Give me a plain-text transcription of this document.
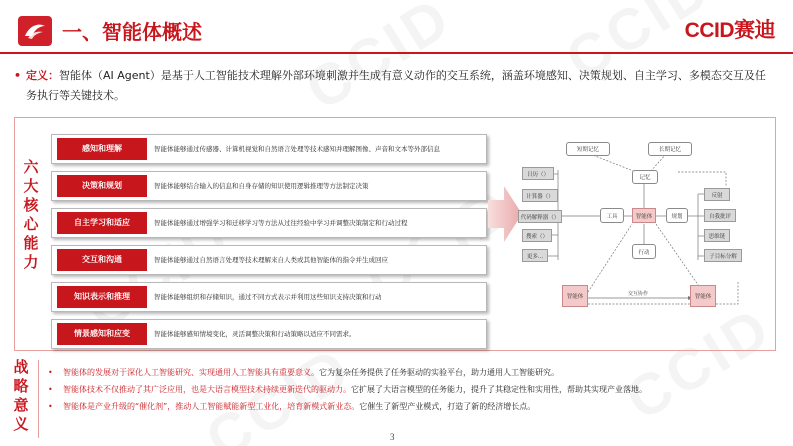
一、智能体概述	CCID赛迪
• 定义：智能体（AI Agent）是基于人工智能技术理解外部环境刺激并生成有意义动作的交互系统，涵盖环境感知、决策规划、自主学习、多模态交互及任务执行等关键技术。
六
大
核
心
能
力
感知和理解	智能体能够通过传感器、计算机视觉和自然语言处理等技术感知并理解图像、声音和文本等外部信息
决策和规划	智能体能够结合输入的信息和自身存储的知识使用逻辑推理等方法制定决策
自主学习和适应	智能体能够通过增强学习和迁移学习等方法从过往经验中学习并调整决策制定和行动过程
交互和沟通	智能体能够通过自然语言处理等技术理解来自人类或其他智能体的指令并生成回应
知识表示和推理	智能体能够组织和存储知识，通过不同方式表示并利用这些知识支持决策和行动
情景感知和应变	智能体能够感知情境变化，灵活调整决策和行动策略以适应不同需求。
短期记忆	长期记忆
记忆
日历（）
计算器（）
代码解释器（）
搜索（）
更多...
工具	智能体	规划
行动
反射
自我批评
思维链
子目标分解
智能体	交互协作	智能体
战
略
意
义
• 智能体的发展对于深化人工智能研究、实现通用人工智能具有重要意义。它为复杂任务提供了任务驱动的实验平台，助力通用人工智能研究。
• 智能体技术不仅推动了其广泛应用，也是大语言模型技术持续更新迭代的驱动力。它扩展了大语言模型的任务能力，提升了其稳定性和实用性，帮助其实现产业落地。
• 智能体是产业升级的“催化剂”，推动人工智能赋能新型工业化，培育新模式新业态。它催生了新型产业模式，打造了新的经济增长点。
3
